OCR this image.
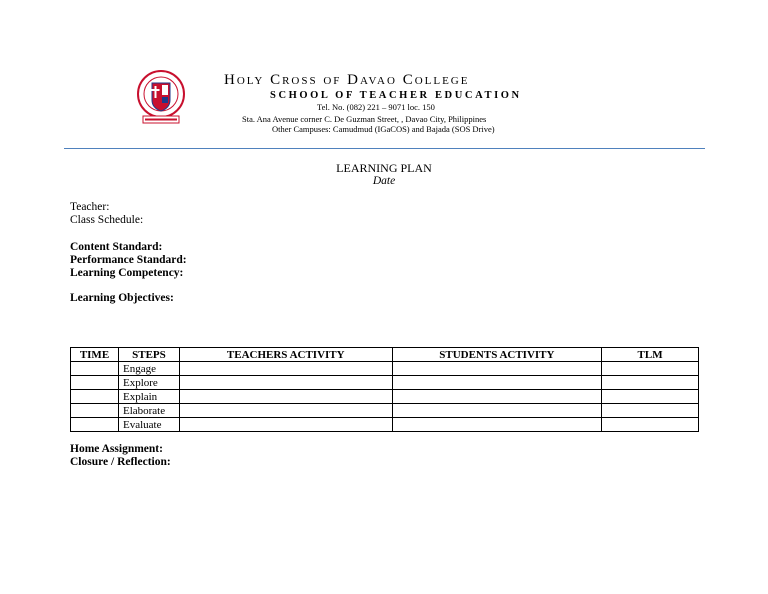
Holy Cross of Davao College
SCHOOL OF TEACHER EDUCATION
Tel. No. (082) 221 – 9071 loc. 150
Sta. Ana Avenue corner C. De Guzman Street, , Davao City, Philippines
Other Campuses: Camudmud (IGaCOS) and Bajada (SOS Drive)
LEARNING PLAN
Date
Teacher:
Class Schedule:
Content Standard:
Performance Standard:
Learning Competency:
Learning Objectives:
TIME	STEPS	TEACHERS ACTIVITY	STUDENTS ACTIVITY	TLM
	Engage			
	Explore			
	Explain			
	Elaborate			
	Evaluate			
Home Assignment:
Closure / Reflection:
